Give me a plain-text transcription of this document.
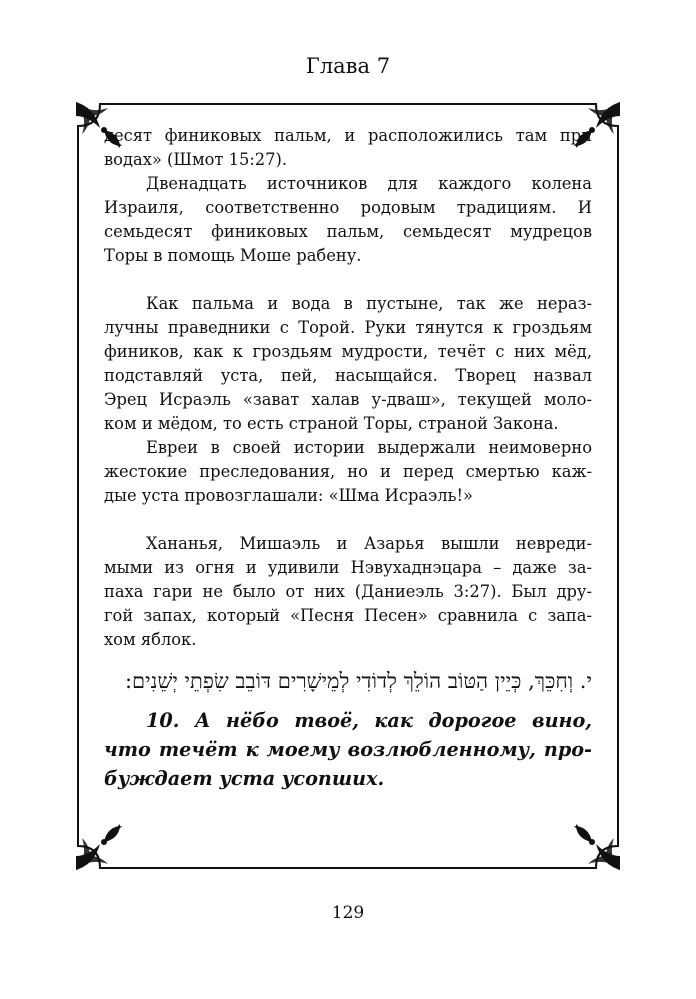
Глава 7

десят финиковых пальм, и расположились там при

водах» (Шмот 15:27).

Двенадцать источников для каждого колена

Израиля, соответственно родовым традициям. И

семьдесят финиковых пальм, семьдесят мудрецов

Торы в помощь Моше рабену.

Как пальма и вода в пустыне, так же нераз-

лучны праведники с Торой. Руки тянутся к гроздьям

фиников, как к гроздьям мудрости, течёт с них мёд,

подставляй уста, пей, насыщайся. Творец назвал

Эрец Исраэль «зават халав у-дваш», текущей моло-

ком и мёдом, то есть страной Торы, страной Закона.

Евреи в своей истории выдержали неимоверно

жестокие преследования, но и перед смертью каж-

дые уста провозглашали: «Шма Исраэль!»

Хананья, Мишаэль и Азарья вышли невреди-

мыми из огня и удивили Нэвухаднэцара – даже за-

паха гари не было от них (Даниеэль 3:27). Был дру-

гой запах, который «Песня Песен» сравнила с запа-

хом яблок.

י. וְחִכֵּךְ, כְּיֵין הַטּוֹב הוֹלֵךְ לְדוֹדִי לְמֵישָׁרִים דּוֹבֵב שִׂפְתֵי יְשֵׁנִים:

10. А нёбо твоё, как дорогое вино,

что течёт к моему возлюбленному, про-

буждает уста усопших.

129
